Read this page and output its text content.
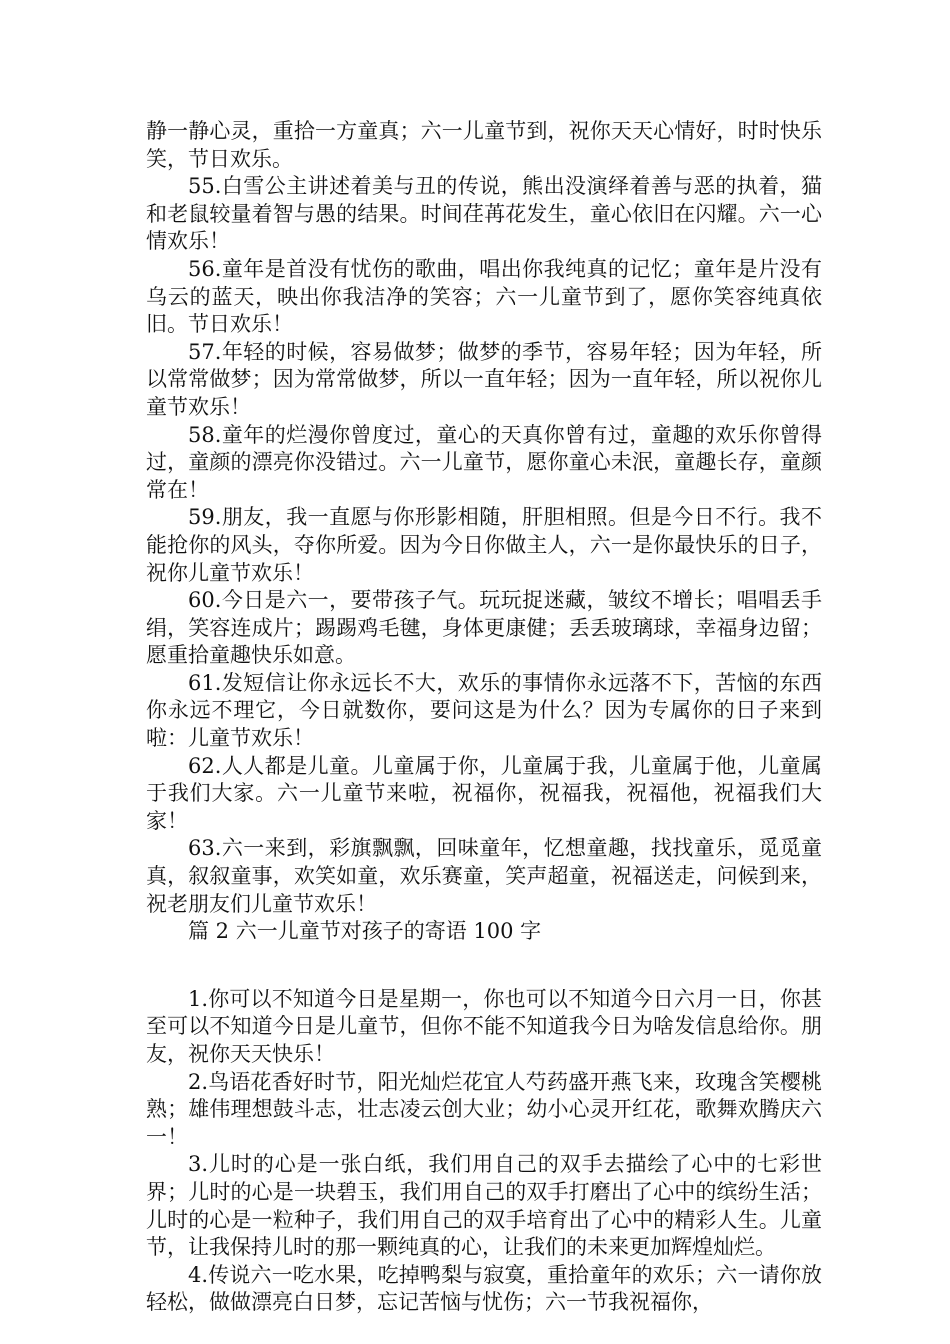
静一静心灵，重拾一方童真；六一儿童节到，祝你天天心情好，时时快乐笑，节日欢乐。

55.白雪公主讲述着美与丑的传说，熊出没演绎着善与恶的执着，猫和老鼠较量着智与愚的结果。时间荏苒花发生，童心依旧在闪耀。六一心情欢乐！

56.童年是首没有忧伤的歌曲，唱出你我纯真的记忆；童年是片没有乌云的蓝天，映出你我洁净的笑容；六一儿童节到了，愿你笑容纯真依旧。节日欢乐！

57.年轻的时候，容易做梦；做梦的季节，容易年轻；因为年轻，所以常常做梦；因为常常做梦，所以一直年轻；因为一直年轻，所以祝你儿童节欢乐！

58.童年的烂漫你曾度过，童心的天真你曾有过，童趣的欢乐你曾得过，童颜的漂亮你没错过。六一儿童节，愿你童心未泯，童趣长存，童颜常在！

59.朋友，我一直愿与你形影相随，肝胆相照。但是今日不行。我不能抢你的风头，夺你所爱。因为今日你做主人，六一是你最快乐的日子，祝你儿童节欢乐！

60.今日是六一，要带孩子气。玩玩捉迷藏，皱纹不增长；唱唱丢手绢，笑容连成片；踢踢鸡毛毽，身体更康健；丢丢玻璃球，幸福身边留；愿重拾童趣快乐如意。

61.发短信让你永远长不大，欢乐的事情你永远落不下，苦恼的东西你永远不理它，今日就数你，要问这是为什么？因为专属你的日子来到啦：儿童节欢乐！

62.人人都是儿童。儿童属于你，儿童属于我，儿童属于他，儿童属于我们大家。六一儿童节来啦，祝福你，祝福我，祝福他，祝福我们大家！

63.六一来到，彩旗飘飘，回味童年，忆想童趣，找找童乐，觅觅童真，叙叙童事，欢笑如童，欢乐赛童，笑声超童，祝福送走，问候到来，祝老朋友们儿童节欢乐！

篇 2 六一儿童节对孩子的寄语 100 字

1.你可以不知道今日是星期一，你也可以不知道今日六月一日，你甚至可以不知道今日是儿童节，但你不能不知道我今日为啥发信息给你。朋友，祝你天天快乐！

2.鸟语花香好时节，阳光灿烂花宜人芍药盛开燕飞来，玫瑰含笑樱桃熟；雄伟理想鼓斗志，壮志凌云创大业；幼小心灵开红花，歌舞欢腾庆六一！

3.儿时的心是一张白纸，我们用自己的双手去描绘了心中的七彩世界；儿时的心是一块碧玉，我们用自己的双手打磨出了心中的缤纷生活；儿时的心是一粒种子，我们用自己的双手培育出了心中的精彩人生。儿童节，让我保持儿时的那一颗纯真的心，让我们的未来更加辉煌灿烂。

4.传说六一吃水果，吃掉鸭梨与寂寞，重拾童年的欢乐；六一请你放轻松，做做漂亮白日梦，忘记苦恼与忧伤；六一节我祝福你，
